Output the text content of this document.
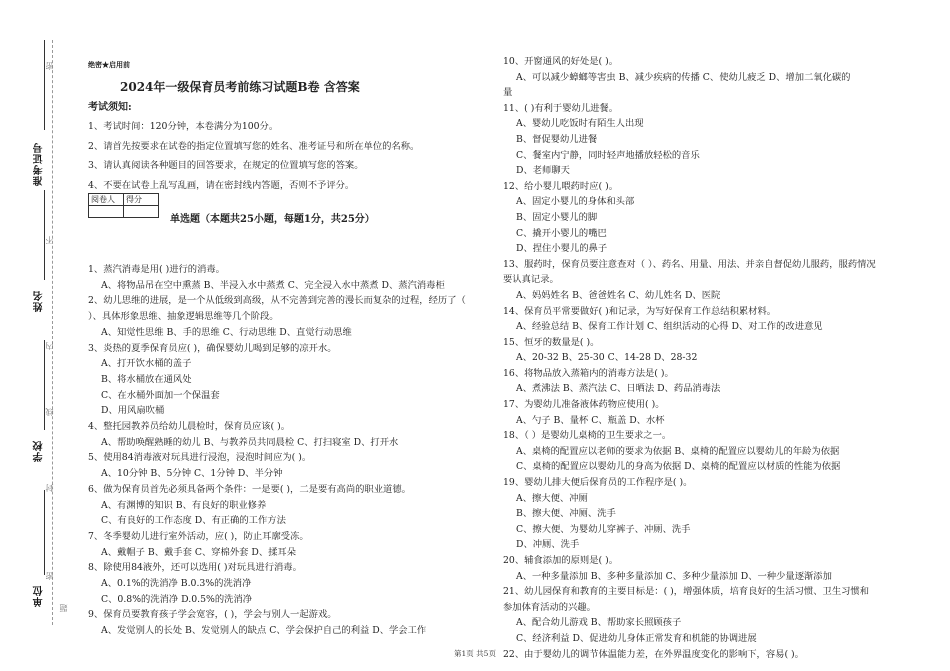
准考证号
姓名
学校
单位
密
不
内
线
封
密
题
绝密★启用前
2024年一级保育员考前练习试题B卷 含答案
考试须知:
1、考试时间：120分钟，本卷满分为100分。
2、请首先按要求在试卷的指定位置填写您的姓名、准考证号和所在单位的名称。
3、请认真阅读各种题目的回答要求，在规定的位置填写您的答案。
4、不要在试卷上乱写乱画，请在密封线内答题，否则不予评分。
阅卷人	得分

单选题（本题共25小题，每题1分，共25分）
1、蒸汽消毒是用( )进行的消毒。
A、将物品吊在空中熏蒸 B、半浸入水中蒸煮 C、完全浸入水中蒸煮 D、蒸汽消毒柜
2、幼儿思维的进展，是一个从低级到高级，从不完善到完善的漫长而复杂的过程，经历了（
）、具体形象思维、抽象逻辑思维等几个阶段。
A、知觉性思维 B、手的思维 C、行动思维 D、直觉行动思维
3、炎热的夏季保育员应( )，确保婴幼儿喝到足够的凉开水。
A、打开饮水桶的盖子
B、将水桶放在通风处
C、在水桶外面加一个保温套
D、用风扇吹桶
4、整托园教养员给幼儿晨检时，保育员应该( )。
A、帮助唤醒熟睡的幼儿 B、与教养员共同晨检 C、打扫寝室 D、打开水
5、使用84消毒液对玩具进行浸泡，浸泡时间应为( )。
A、10分钟 B、5分钟 C、1分钟 D、半分钟
6、做为保育员首先必须具备两个条件：一是要( )，二是要有高尚的职业道德。
A、有渊博的知识 B、有良好的职业修养
C、有良好的工作态度 D、有正确的工作方法
7、冬季婴幼儿进行室外活动，应( )，防止耳廓受冻。
A、戴帽子 B、戴手套 C、穿棉外套 D、揉耳朵
8、除使用84液外，还可以选用( )对玩具进行消毒。
A、0.1%的洗消净 B.0.3%的洗消净
C、0.8%的洗消净 D.0.5%的洗消净
9、保育员要教育孩子学会宽容，( )，学会与别人一起游戏。
A、发觉别人的长处 B、发觉别人的缺点 C、学会保护自己的利益 D、学会工作
10、开窗通风的好处是( )。
A、可以减少蟑螂等害虫 B、减少疾病的传播 C、使幼儿疲乏 D、增加二氧化碳的
量
11、( )有利于婴幼儿进餐。
A、婴幼儿吃饭时有陌生人出现
B、督促婴幼儿进餐
C、餐室内宁静，同时轻声地播放轻松的音乐
D、老师聊天
12、给小婴儿喂药时应( )。
A、固定小婴儿的身体和头部
B、固定小婴儿的脚
C、撬开小婴儿的嘴巴
D、捏住小婴儿的鼻子
13、服药时，保育员要注意查对（ ）、药名、用量、用法、并亲自督促幼儿服药，服药情况
要认真记录。
A、妈妈姓名 B、爸爸姓名 C、幼儿姓名 D、医院
14、保育员平常要做好( )和记录，为写好保育工作总结积累材料。
A、经验总结 B、保育工作计划 C、组织活动的心得 D、对工作的改进意见
15、恒牙的数量是( )。
A、20-32 B、25-30 C、14-28 D、28-32
16、将物品放入蒸箱内的消毒方法是( )。
A、煮沸法 B、蒸汽法 C、日晒法 D、药品消毒法
17、为婴幼儿准备液体药物应使用( )。
A、勺子 B、量杯 C、瓶盖 D、水杯
18、（ ）是婴幼儿桌椅的卫生要求之一。
A、桌椅的配置应以老师的要求为依据 B、桌椅的配置应以婴幼儿的年龄为依据
C、桌椅的配置应以婴幼儿的身高为依据 D、桌椅的配置应以材质的性能为依据
19、婴幼儿排大便后保育员的工作程序是( )。
A、擦大便、冲厕
B、擦大便、冲厕、洗手
C、擦大便、为婴幼儿穿裤子、冲厕、洗手
D、冲厕、洗手
20、辅食添加的原则是( )。
A、一种多量添加 B、多种多量添加 C、多种少量添加 D、一种少量逐渐添加
21、幼儿园保育和教育的主要目标是：( )，增强体质，培育良好的生活习惯、卫生习惯和
参加体育活动的兴趣。
A、配合幼儿游戏 B、帮助家长照顾孩子
C、经济利益 D、促进幼儿身体正常发育和机能的协调进展
22、由于婴幼儿的调节体温能力差，在外界温度变化的影响下，容易( )。
第1页 共5页
